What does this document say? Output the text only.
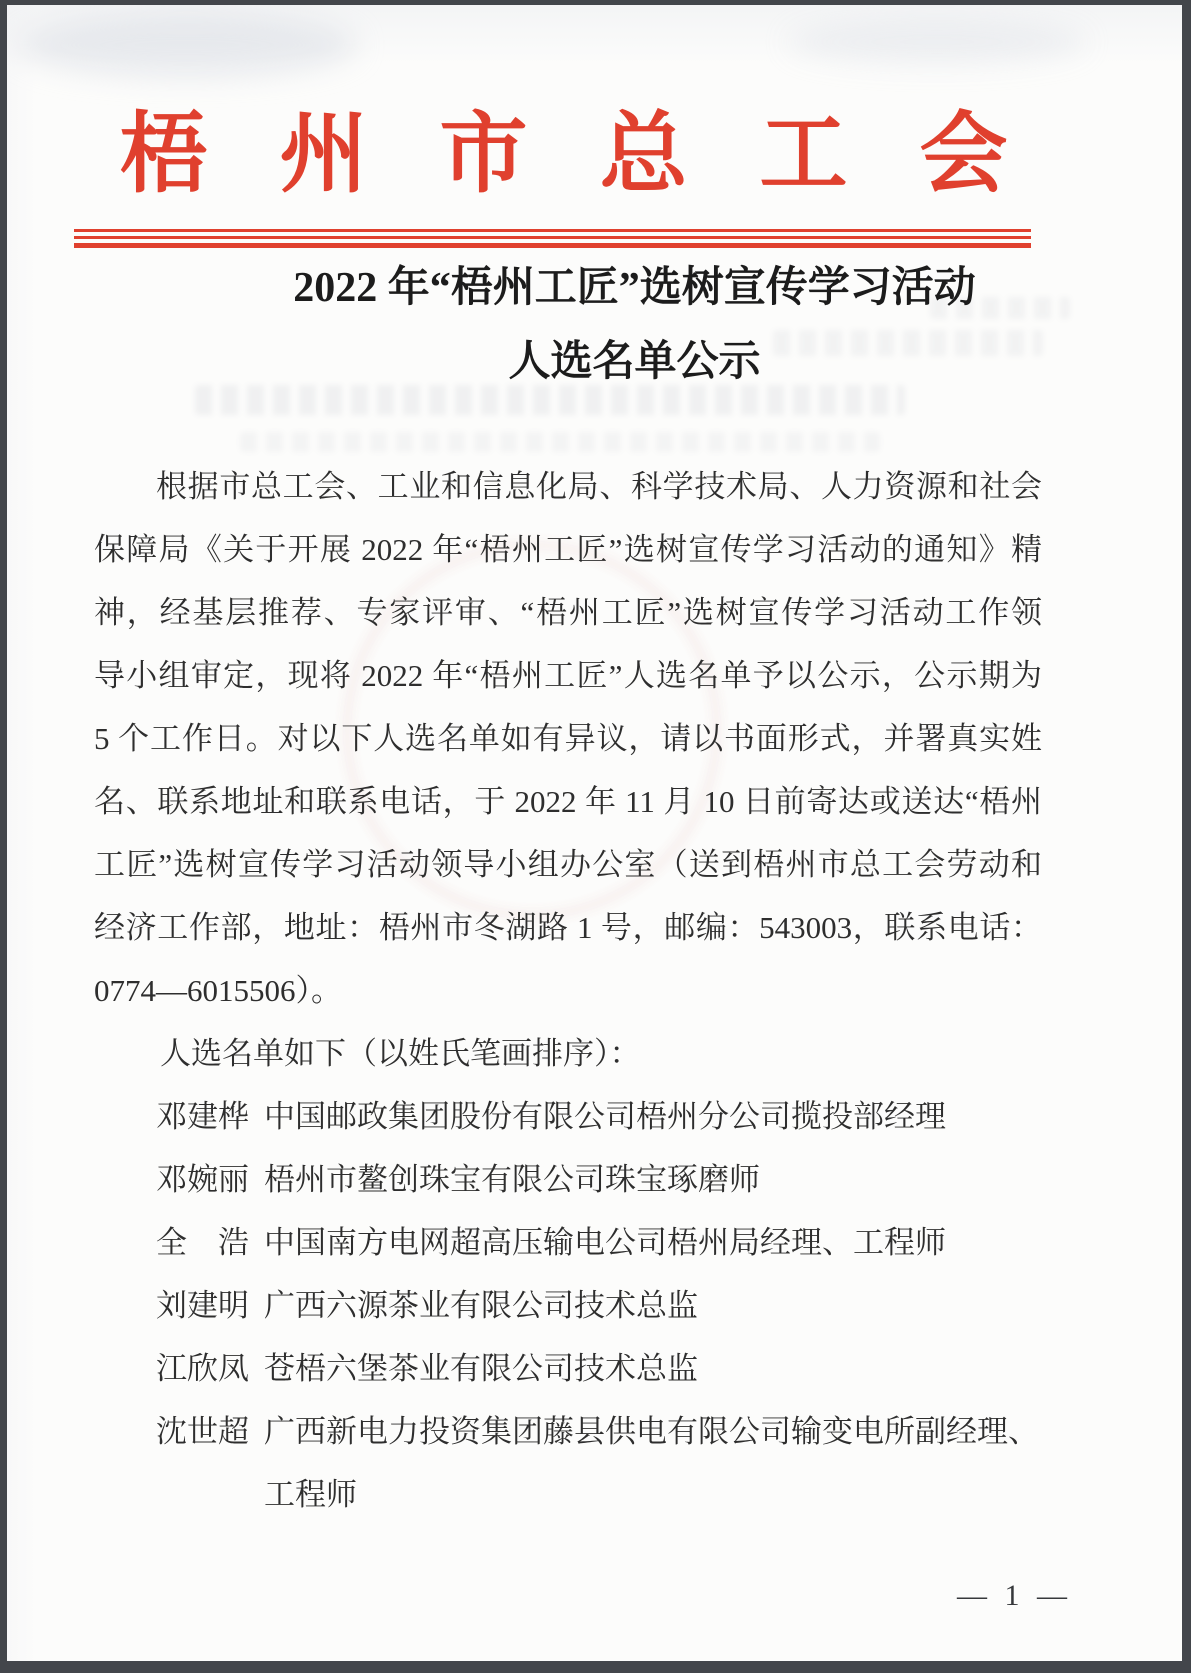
梧州市总工会
2022 年“梧州工匠”选树宣传学习活动
人选名单公示
根据市总工会、工业和信息化局、科学技术局、人力资源和社会
保障局《关于开展 2022 年“梧州工匠”选树宣传学习活动的通知》精
神，经基层推荐、专家评审、“梧州工匠”选树宣传学习活动工作领
导小组审定，现将 2022 年“梧州工匠”人选名单予以公示，公示期为
5 个工作日。对以下人选名单如有异议，请以书面形式，并署真实姓
名、联系地址和联系电话，于 2022 年 11 月 10 日前寄达或送达“梧州
工匠”选树宣传学习活动领导小组办公室（送到梧州市总工会劳动和
经济工作部，地址：梧州市冬湖路 1 号，邮编：543003，联系电话：
0774—6015506）。
人选名单如下（以姓氏笔画排序）：
邓建桦 中国邮政集团股份有限公司梧州分公司揽投部经理
邓婉丽 梧州市鳌创珠宝有限公司珠宝琢磨师
全　浩 中国南方电网超高压输电公司梧州局经理、工程师
刘建明 广西六源茶业有限公司技术总监
江欣凤 苍梧六堡茶业有限公司技术总监
沈世超 广西新电力投资集团藤县供电有限公司输变电所副经理、工程师
— 1 —
